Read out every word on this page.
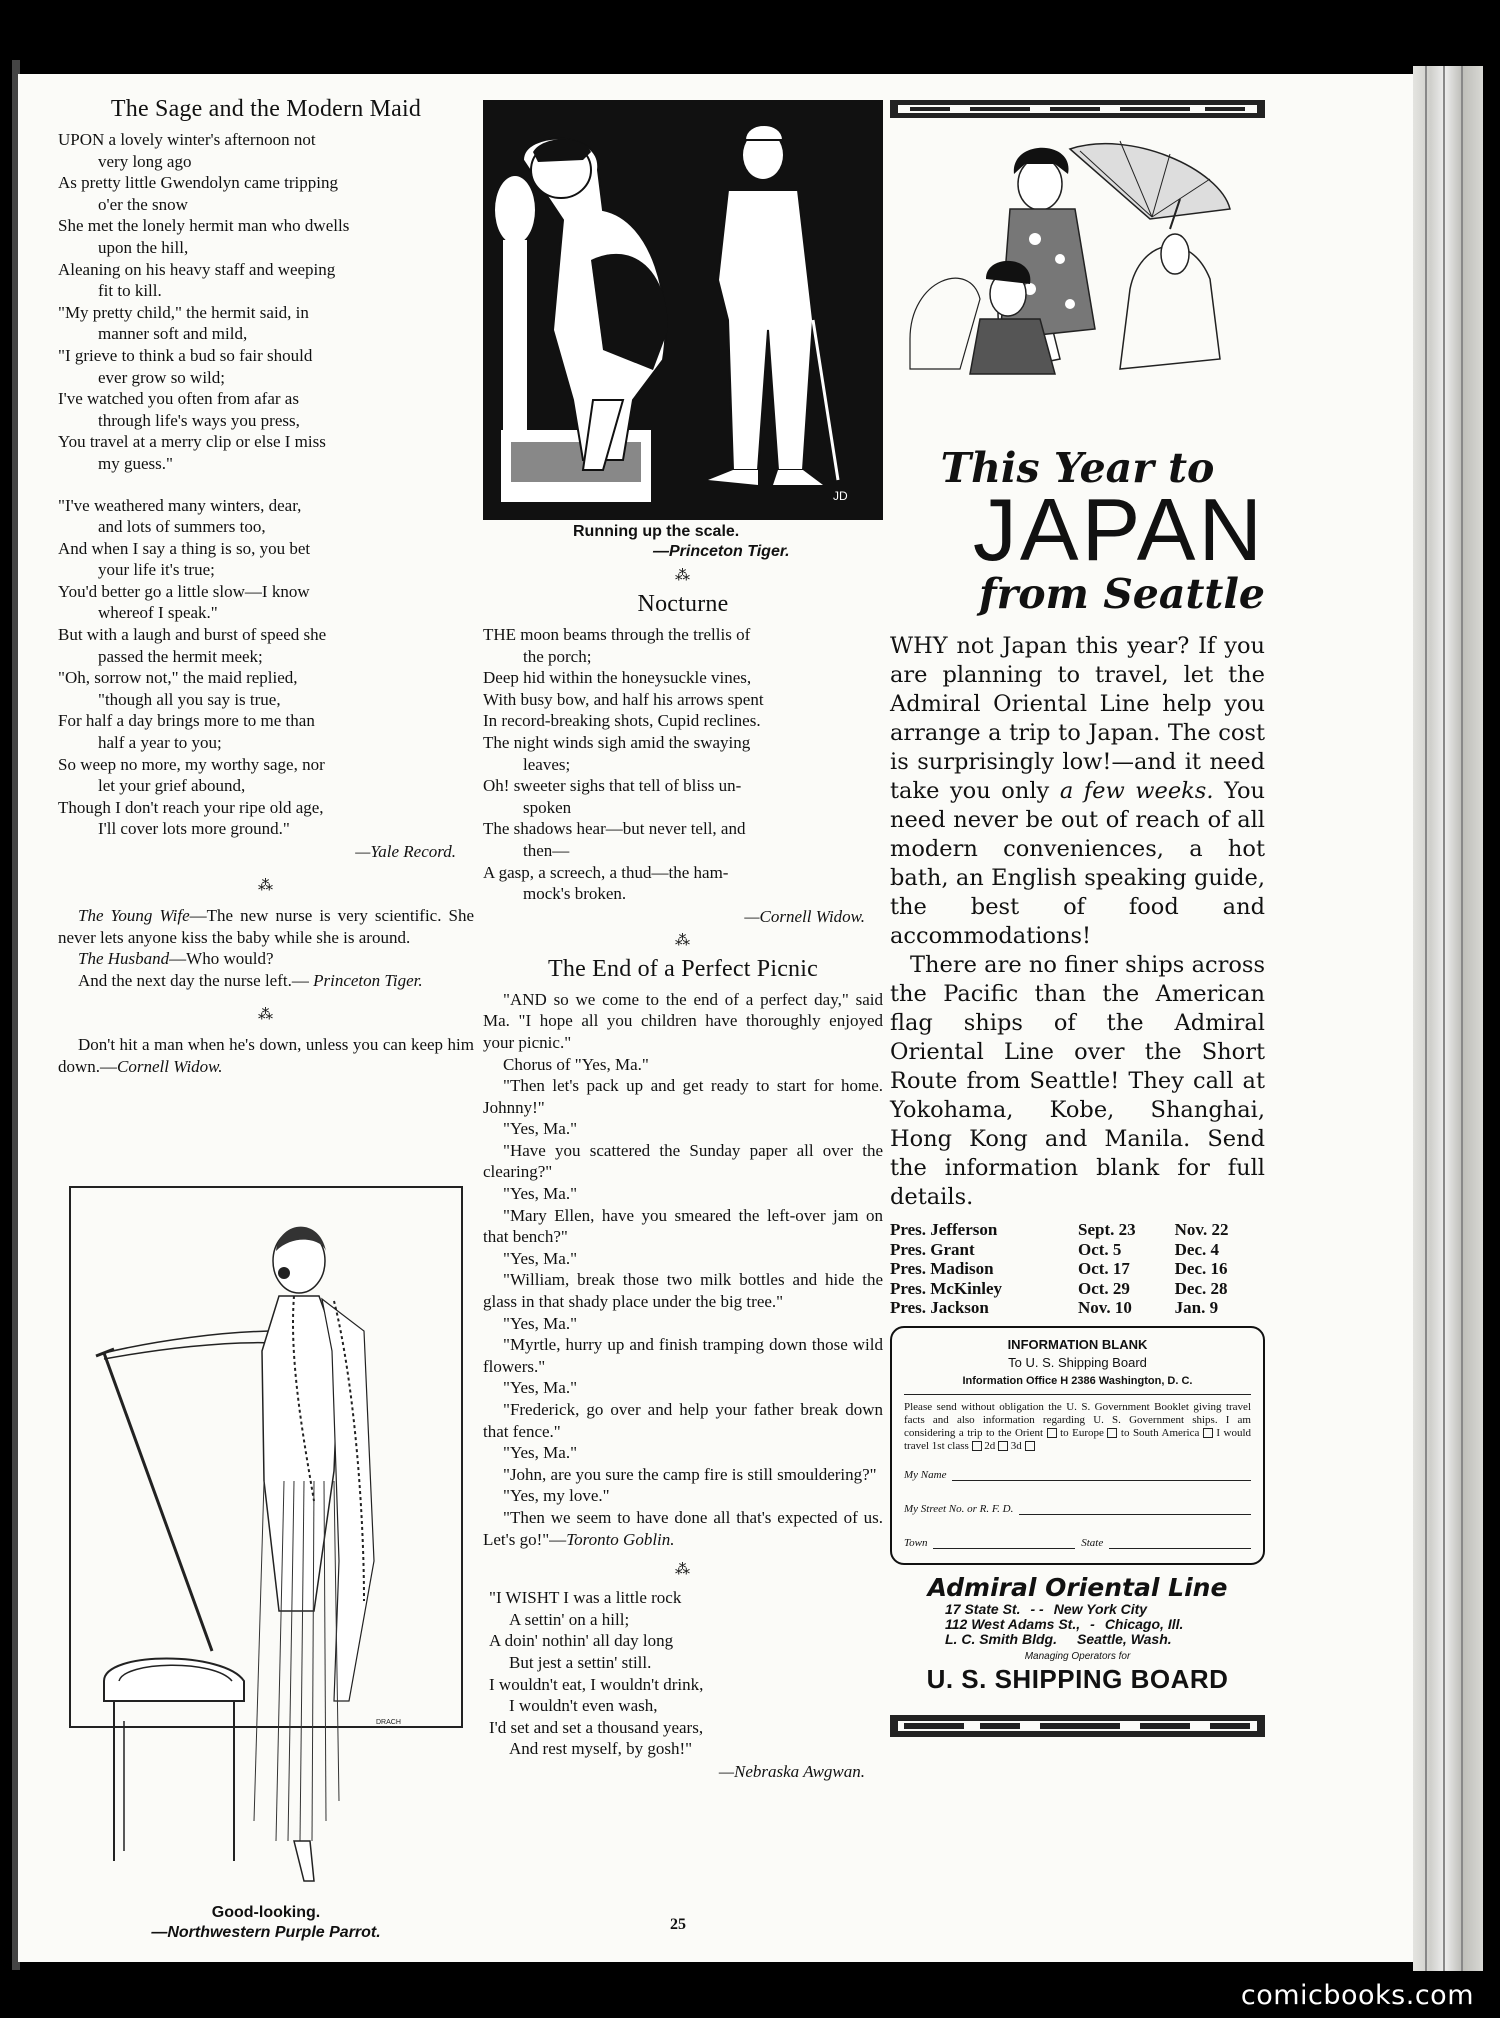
The Sage and the Modern Maid

UPON a lovely winter's afternoon not

very long ago

As pretty little Gwendolyn came tripping

o'er the snow

She met the lonely hermit man who dwells

upon the hill,

Aleaning on his heavy staff and weeping

fit to kill.

"My pretty child," the hermit said, in

manner soft and mild,

"I grieve to think a bud so fair should

ever grow so wild;

I've watched you often from afar as

through life's ways you press,

You travel at a merry clip or else I miss

my guess."

"I've weathered many winters, dear,

and lots of summers too,

And when I say a thing is so, you bet

your life it's true;

You'd better go a little slow—I know

whereof I speak."

But with a laugh and burst of speed she

passed the hermit meek;

"Oh, sorrow not," the maid replied,

"though all you say is true,

For half a day brings more to me than

half a year to you;

So weep no more, my worthy sage, nor

let your grief abound,

Though I don't reach your ripe old age,

I'll cover lots more ground."

—Yale Record.
⁂

The Young Wife—The new nurse is very scientific. She never lets anyone kiss the baby while she is around.

The Husband—Who would?

And the next day the nurse left.— Princeton Tiger.

⁂

Don't hit a man when he's down, unless you can keep him down.—Cornell Widow.

DRACH
Good-looking.
—Northwestern Purple Parrot.
JD
Running up the scale.
—Princeton Tiger.
⁂
Nocturne

THE moon beams through the trellis of

the porch;

Deep hid within the honeysuckle vines,

With busy bow, and half his arrows spent

In record-breaking shots, Cupid reclines.

The night winds sigh amid the swaying

leaves;

Oh! sweeter sighs that tell of bliss un-

spoken

The shadows hear—but never tell, and

then—

A gasp, a screech, a thud—the ham-

mock's broken.

—Cornell Widow.
⁂
The End of a Perfect Picnic

"AND so we come to the end of a perfect day," said Ma. "I hope all you children have thoroughly enjoyed your picnic."

Chorus of "Yes, Ma."

"Then let's pack up and get ready to start for home. Johnny!"

"Yes, Ma."

"Have you scattered the Sunday paper all over the clearing?"

"Yes, Ma."

"Mary Ellen, have you smeared the left-over jam on that bench?"

"Yes, Ma."

"William, break those two milk bottles and hide the glass in that shady place under the big tree."

"Yes, Ma."

"Myrtle, hurry up and finish tramping down those wild flowers."

"Yes, Ma."

"Frederick, go over and help your father break down that fence."

"Yes, Ma."

"John, are you sure the camp fire is still smouldering?"

"Yes, my love."

"Then we seem to have done all that's expected of us. Let's go!"—Toronto Goblin.

⁂

"I WISHT I was a little rock

A settin' on a hill;

A doin' nothin' all day long

But jest a settin' still.

I wouldn't eat, I wouldn't drink,

I wouldn't even wash,

I'd set and set a thousand years,

And rest myself, by gosh!"

—Nebraska Awgwan.

This Year to
JAPAN
from Seattle
WHY not Japan this year? If you are planning to travel, let the Admiral Oriental Line help you arrange a trip to Japan. The cost is surprisingly low!—and it need take you only a few weeks. You need never be out of reach of all modern conveniences, a hot bath, an English speaking guide, the best of food and accommodations!
There are no finer ships across the Pacific than the American flag ships of the Admiral Oriental Line over the Short Route from Seattle! They call at Yokohama, Kobe, Shanghai, Hong Kong and Manila. Send the information blank for full details.
Pres. Jefferson	Sept. 23	Nov. 22
Pres. Grant	Oct. 5	Dec. 4
Pres. Madison	Oct. 17	Dec. 16
Pres. McKinley	Oct. 29	Dec. 28
Pres. Jackson	Nov. 10	Jan. 9
INFORMATION BLANK
To U. S. Shipping Board
Information Office H 2386 Washington, D. C.
Please send without obligation the U. S. Government Booklet giving travel facts and also information regarding U. S. Government ships. I am considering a trip to the Orient to Europe to South America I would travel 1st class 2d 3d
My Name
My Street No. or R. F. D.
Town	State
Admiral Oriental Line
17 State St. - - New York City
112 West Adams St., - Chicago, Ill.
L. C. Smith Bldg. Seattle, Wash.
Managing Operators for
U. S. SHIPPING BOARD
25
comicbooks.com
